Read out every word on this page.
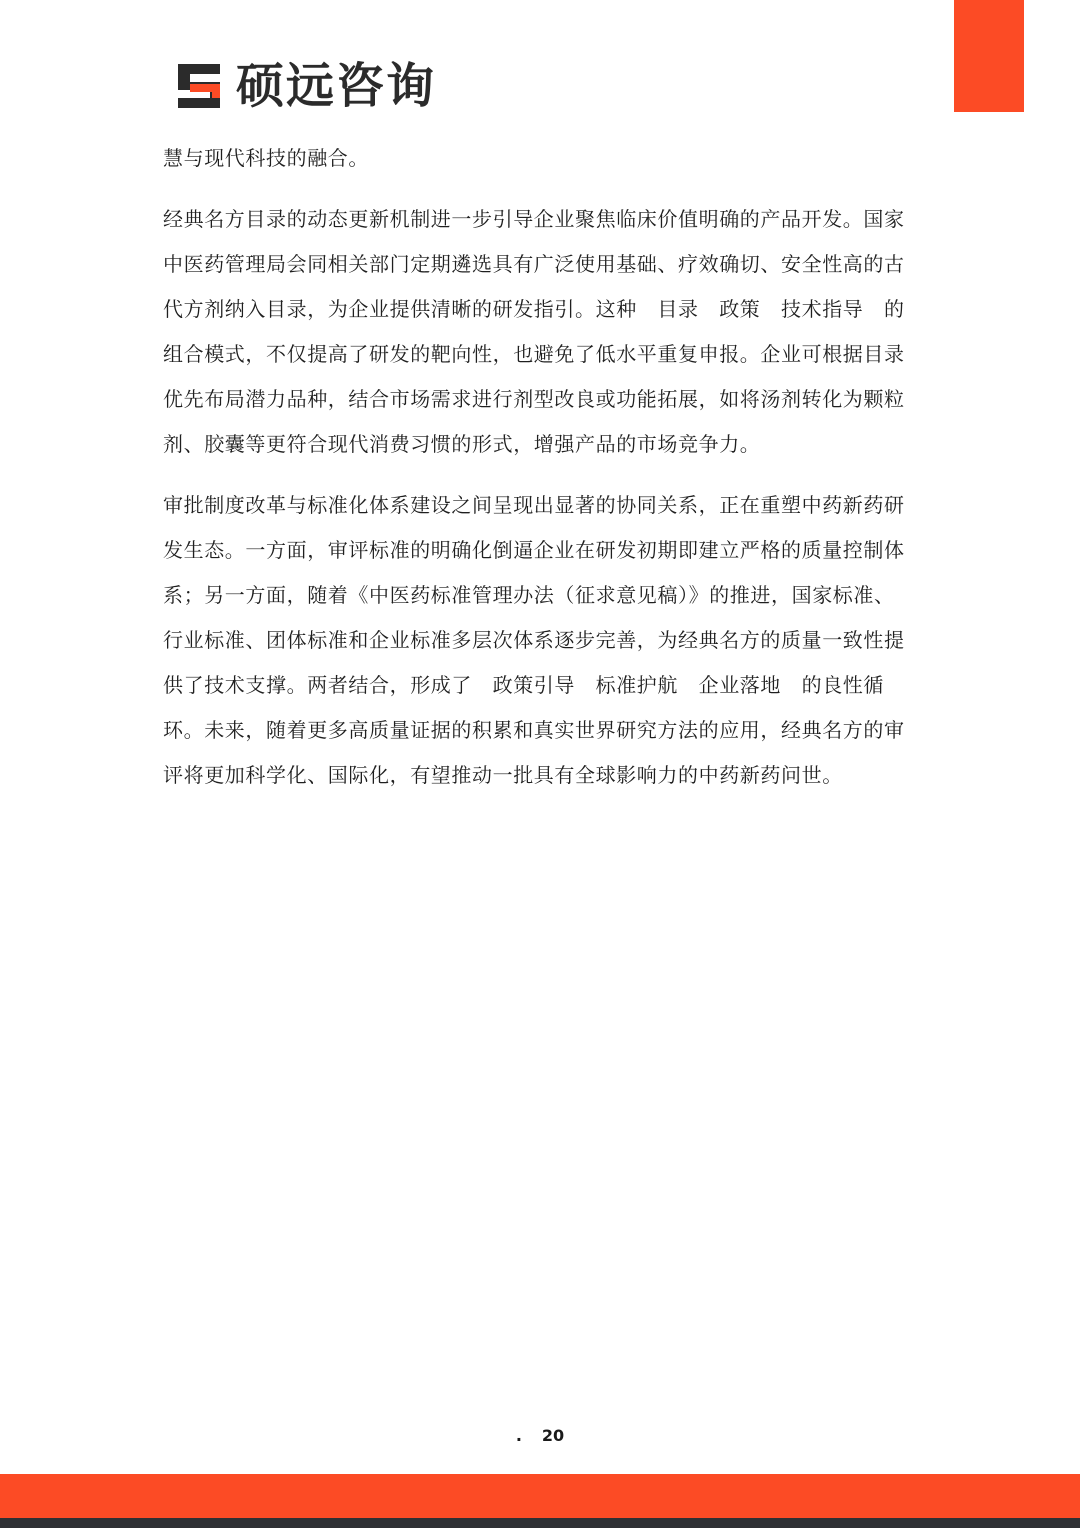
硕远咨询

慧与现代科技的融合。

经典名方目录的动态更新机制进一步引导企业聚焦临床价值明确的产品开发。国家中医药管理局会同相关部门定期遴选具有广泛使用基础、疗效确切、安全性高的古代方剂纳入目录，为企业提供清晰的研发指引。这种　目录　政策　技术指导　的组合模式，不仅提高了研发的靶向性，也避免了低水平重复申报。企业可根据目录优先布局潜力品种，结合市场需求进行剂型改良或功能拓展，如将汤剂转化为颗粒剂、胶囊等更符合现代消费习惯的形式，增强产品的市场竞争力。

审批制度改革与标准化体系建设之间呈现出显著的协同关系，正在重塑中药新药研发生态。一方面，审评标准的明确化倒逼企业在研发初期即建立严格的质量控制体系；另一方面，随着《中医药标准管理办法（征求意见稿）》的推进，国家标准、行业标准、团体标准和企业标准多层次体系逐步完善，为经典名方的质量一致性提供了技术支撑。两者结合，形成了　政策引导　标准护航　企业落地　的良性循环。未来，随着更多高质量证据的积累和真实世界研究方法的应用，经典名方的审评将更加科学化、国际化，有望推动一批具有全球影响力的中药新药问世。

. 20
